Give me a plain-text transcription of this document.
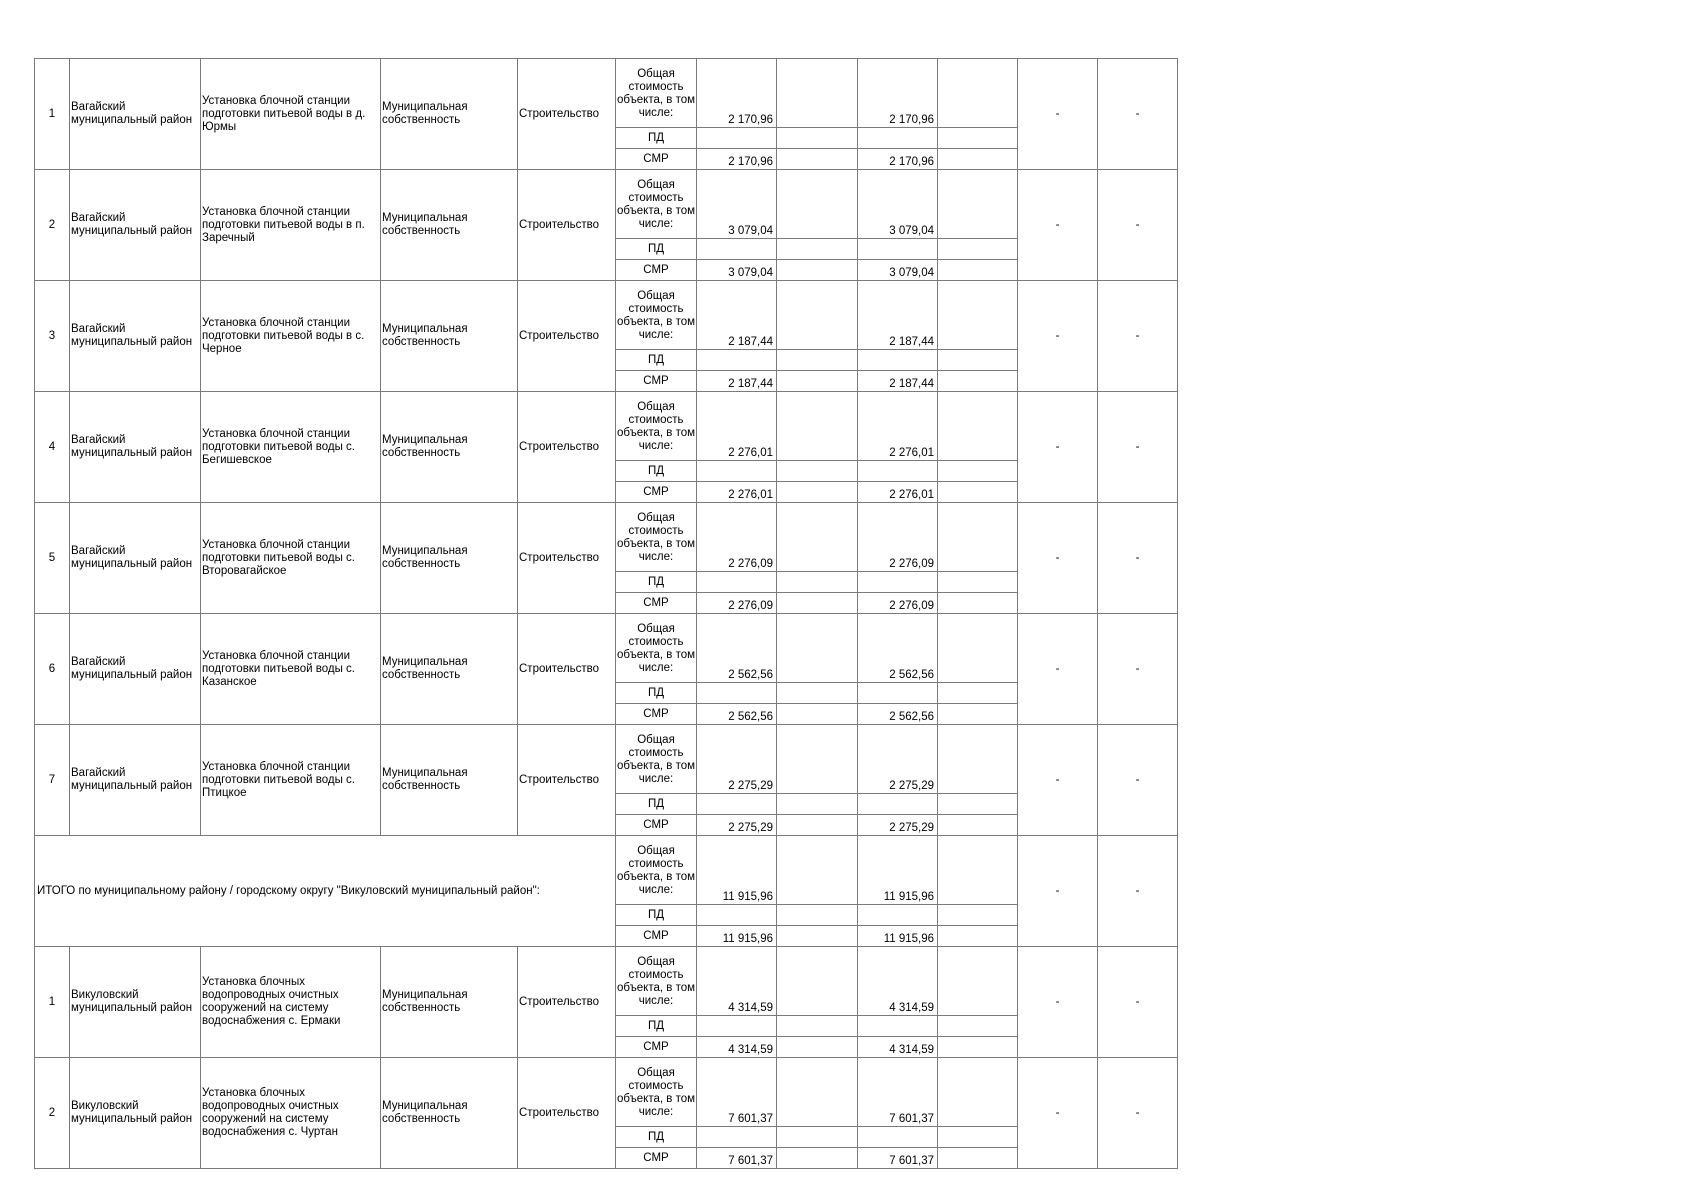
1	Вагайский муниципальный район	Установка блочной станции подготовки питьевой воды в д. Юрмы	Муниципальная собственность	Строительство	Общая стоимость объекта, в том числе:	2 170,96		2 170,96		-	-
					ПД						
					СМР	2 170,96		2 170,96			
2	Вагайский муниципальный район	Установка блочной станции подготовки питьевой воды в п. Заречный	Муниципальная собственность	Строительство	Общая стоимость объекта, в том числе:	3 079,04		3 079,04		-	-
					ПД						
					СМР	3 079,04		3 079,04			
3	Вагайский муниципальный район	Установка блочной станции подготовки питьевой воды в с. Черное	Муниципальная собственность	Строительство	Общая стоимость объекта, в том числе:	2 187,44		2 187,44		-	-
					ПД						
					СМР	2 187,44		2 187,44			
4	Вагайский муниципальный район	Установка блочной станции подготовки питьевой воды с. Бегишевское	Муниципальная собственность	Строительство	Общая стоимость объекта, в том числе:	2 276,01		2 276,01		-	-
					ПД						
					СМР	2 276,01		2 276,01			
5	Вагайский муниципальный район	Установка блочной станции подготовки питьевой воды с. Второвагайское	Муниципальная собственность	Строительство	Общая стоимость объекта, в том числе:	2 276,09		2 276,09		-	-
					ПД						
					СМР	2 276,09		2 276,09			
6	Вагайский муниципальный район	Установка блочной станции подготовки питьевой воды с. Казанское	Муниципальная собственность	Строительство	Общая стоимость объекта, в том числе:	2 562,56		2 562,56		-	-
					ПД						
					СМР	2 562,56		2 562,56			
7	Вагайский муниципальный район	Установка блочной станции подготовки питьевой воды с. Птицкое	Муниципальная собственность	Строительство	Общая стоимость объекта, в том числе:	2 275,29		2 275,29		-	-
					ПД						
					СМР	2 275,29		2 275,29			
ИТОГО по муниципальному району / городскому округу "Викуловский муниципальный район":					Общая стоимость объекта, в том числе:	11 915,96		11 915,96		-	-
					ПД						
					СМР	11 915,96		11 915,96			
1	Викуловский муниципальный район	Установка блочных водопроводных очистных сооружений на систему водоснабжения с. Ермаки	Муниципальная собственность	Строительство	Общая стоимость объекта, в том числе:	4 314,59		4 314,59		-	-
					ПД						
					СМР	4 314,59		4 314,59			
2	Викуловский муниципальный район	Установка блочных водопроводных очистных сооружений на систему водоснабжения с. Чуртан	Муниципальная собственность	Строительство	Общая стоимость объекта, в том числе:	7 601,37		7 601,37		-	-
					ПД						
					СМР	7 601,37		7 601,37			
